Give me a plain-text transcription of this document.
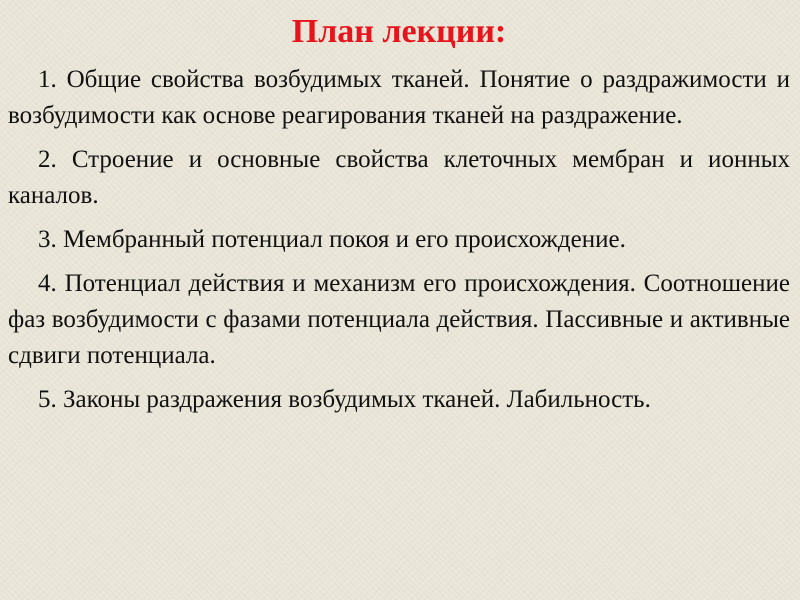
План лекции:
1. Общие свойства возбудимых тканей. Понятие о раздражимости и возбудимости как основе реагирования тканей на раздражение.
2. Строение и основные свойства клеточных мембран и ионных каналов.
3. Мембранный потенциал покоя и его происхождение.
4. Потенциал действия и механизм его происхождения. Соотношение фаз возбудимости с фазами потенциала действия. Пассивные и активные сдвиги потенциала.
5. Законы раздражения возбудимых тканей. Лабильность.
